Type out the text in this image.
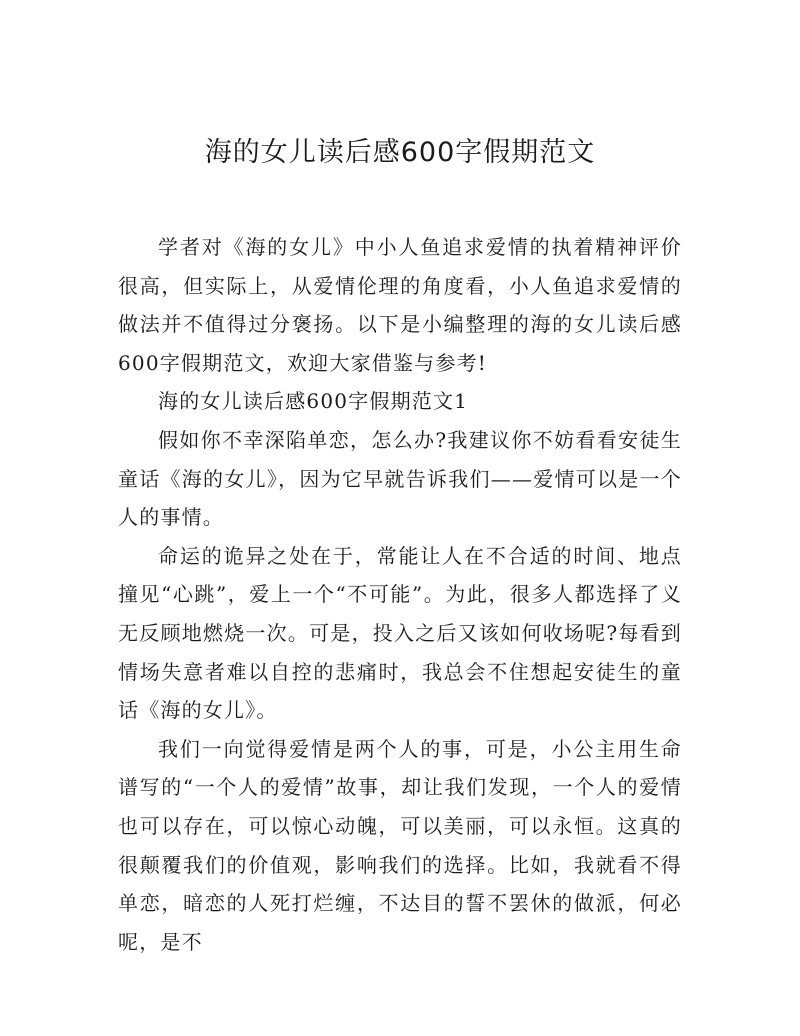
海的女儿读后感600字假期范文

学者对《海的女儿》中小人鱼追求爱情的执着精神评价很高，但实际上，从爱情伦理的角度看，小人鱼追求爱情的做法并不值得过分褒扬。以下是小编整理的海的女儿读后感600字假期范文，欢迎大家借鉴与参考!

海的女儿读后感600字假期范文1

假如你不幸深陷单恋，怎么办?我建议你不妨看看安徒生童话《海的女儿》，因为它早就告诉我们——爱情可以是一个人的事情。

命运的诡异之处在于，常能让人在不合适的时间、地点撞见“心跳”，爱上一个“不可能”。为此，很多人都选择了义无反顾地燃烧一次。可是，投入之后又该如何收场呢?每看到情场失意者难以自控的悲痛时，我总会不住想起安徒生的童话《海的女儿》。

我们一向觉得爱情是两个人的事，可是，小公主用生命谱写的“一个人的爱情”故事，却让我们发现，一个人的爱情也可以存在，可以惊心动魄，可以美丽，可以永恒。这真的很颠覆我们的价值观，影响我们的选择。比如，我就看不得单恋，暗恋的人死打烂缠，不达目的誓不罢休的做派，何必呢，是不
